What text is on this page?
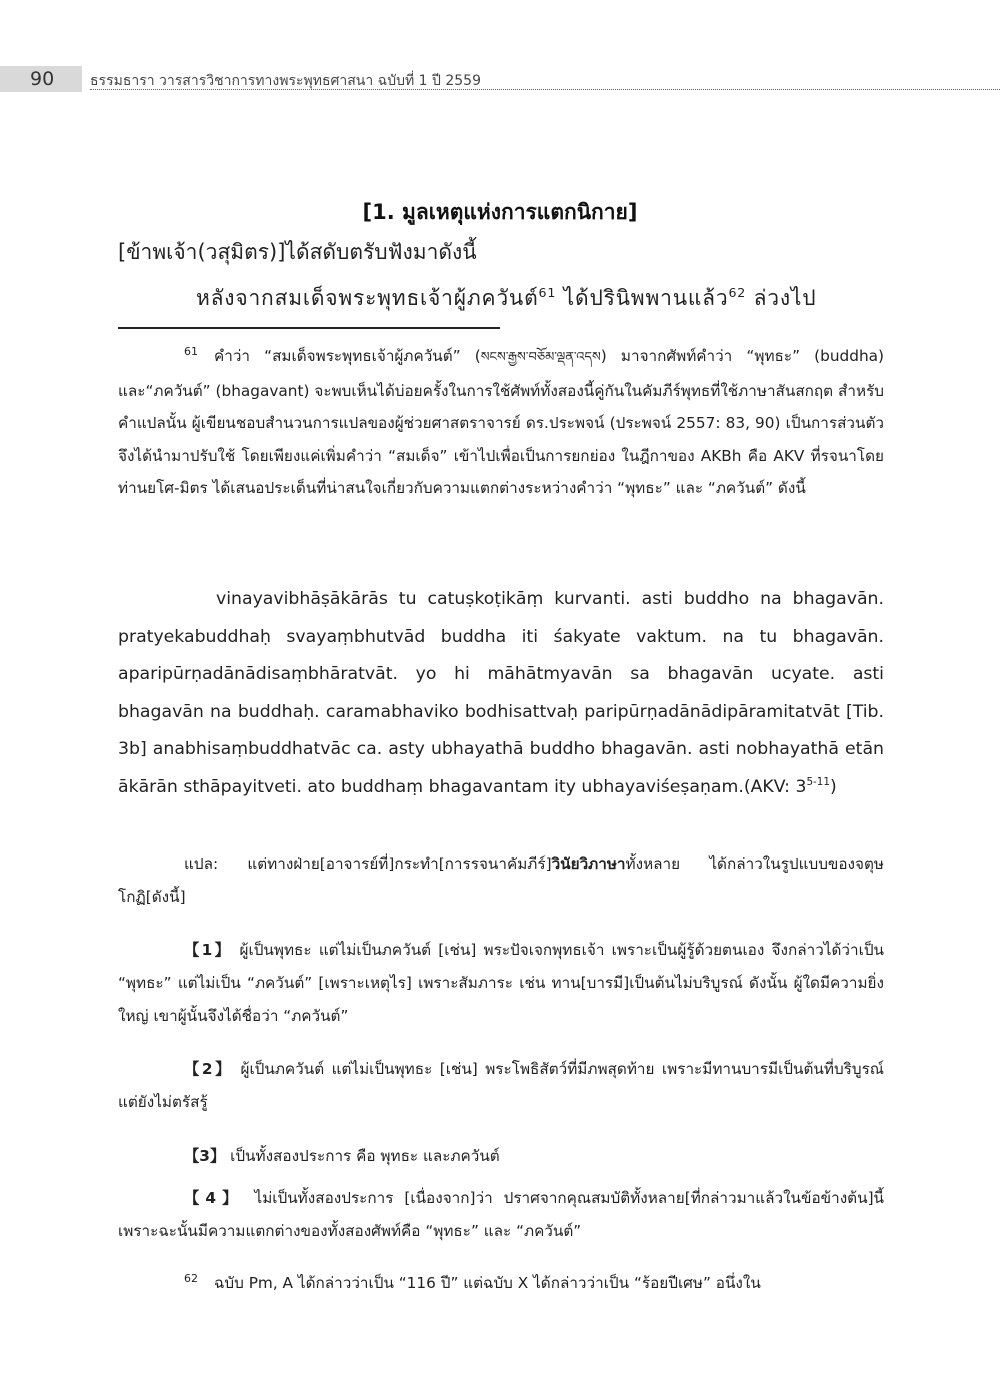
90	ธรรมธารา วารสารวิชาการทางพระพุทธศาสนา ฉบับที่ 1 ปี 2559
[1. มูลเหตุแห่งการแตกนิกาย]
[ข้าพเจ้า(วสุมิตร)]ได้สดับตรับฟังมาดังนี้
หลังจากสมเด็จพระพุทธเจ้าผู้ภควันต์$^{61}$ ได้ปรินิพพานแล้ว$^{62}$ ล่วงไป

$^{61}$ คำว่า “สมเด็จพระพุทธเจ้าผู้ภควันต์” (སངས་རྒྱས་བཅོམ་ལྡན་འདས) มาจากศัพท์คำว่า “พุทธะ” (buddha) และ“ภควันต์” (bhagavant) จะพบเห็นได้บ่อยครั้งในการใช้ศัพท์ทั้งสองนี้คู่กันในคัมภีร์พุทธที่ใช้ภาษาสันสกฤต สำหรับคำแปลนั้น ผู้เขียนชอบสำนวนการแปลของผู้ช่วยศาสตราจารย์ ดร.ประพจน์ (ประพจน์ 2557: 83, 90) เป็นการส่วนตัว จึงได้นำมาปรับใช้ โดยเพียงแค่เพิ่มคำว่า “สมเด็จ” เข้าไปเพื่อเป็นการยกย่อง ในฎีกาของ AKBh คือ AKV ที่รจนาโดยท่านยโศ-มิตร ได้เสนอประเด็นที่น่าสนใจเกี่ยวกับความแตกต่างระหว่างคำว่า “พุทธะ” และ “ภควันต์” ดังนี้

vinayavibhāṣākārās tu catuṣkoṭikāṃ kurvanti. asti buddho na bhagavān. pratyekabuddhaḥ svayaṃbhutvād buddha iti śakyate vaktum. na tu bhagavān. aparipūrṇadānādisaṃbhāratvāt. yo hi māhātmyavān sa bhagavān ucyate. asti bhagavān na buddhaḥ. caramabhaviko bodhisattvaḥ paripūrṇadānādipāramitatvāt [Tib. 3b] anabhisaṃbuddhatvāc ca. asty ubhayathā buddho bhagavān. asti nobhayathā etān ākārān sthāpayitveti. ato buddhaṃ bhagavantam ity ubhayaviśeṣaṇam.(AKV: 3$^{5-11}$)

แปล: แต่ทางฝ่าย[อาจารย์ที่]กระทำ[การรจนาคัมภีร์]วินัยวิภาษาทั้งหลาย ได้กล่าวในรูปแบบของจตุษโกฏิ[ดังนี้]

【1】 ผู้เป็นพุทธะ แต่ไม่เป็นภควันต์ [เช่น] พระปัจเจกพุทธเจ้า เพราะเป็นผู้รู้ด้วยตนเอง จึงกล่าวได้ว่าเป็น “พุทธะ” แต่ไม่เป็น “ภควันต์” [เพราะเหตุไร] เพราะสัมภาระ เช่น ทาน[บารมี]เป็นต้นไม่บริบูรณ์ ดังนั้น ผู้ใดมีความยิ่งใหญ่ เขาผู้นั้นจึงได้ชื่อว่า “ภควันต์”

【2】 ผู้เป็นภควันต์ แต่ไม่เป็นพุทธะ [เช่น] พระโพธิสัตว์ที่มีภพสุดท้าย เพราะมีทานบารมีเป็นต้นที่บริบูรณ์ แต่ยังไม่ตรัสรู้

【3】 เป็นทั้งสองประการ คือ พุทธะ และภควันต์

【4】 ไม่เป็นทั้งสองประการ [เนื่องจาก]ว่า ปราศจากคุณสมบัติทั้งหลาย[ที่กล่าวมาแล้วในข้อข้างต้น]นี้ เพราะฉะนั้นมีความแตกต่างของทั้งสองศัพท์คือ “พุทธะ” และ “ภควันต์”

$^{62}$ ฉบับ Pm, A ได้กล่าวว่าเป็น “116 ปี” แต่ฉบับ X ได้กล่าวว่าเป็น “ร้อยปีเศษ” อนึ่งใน
